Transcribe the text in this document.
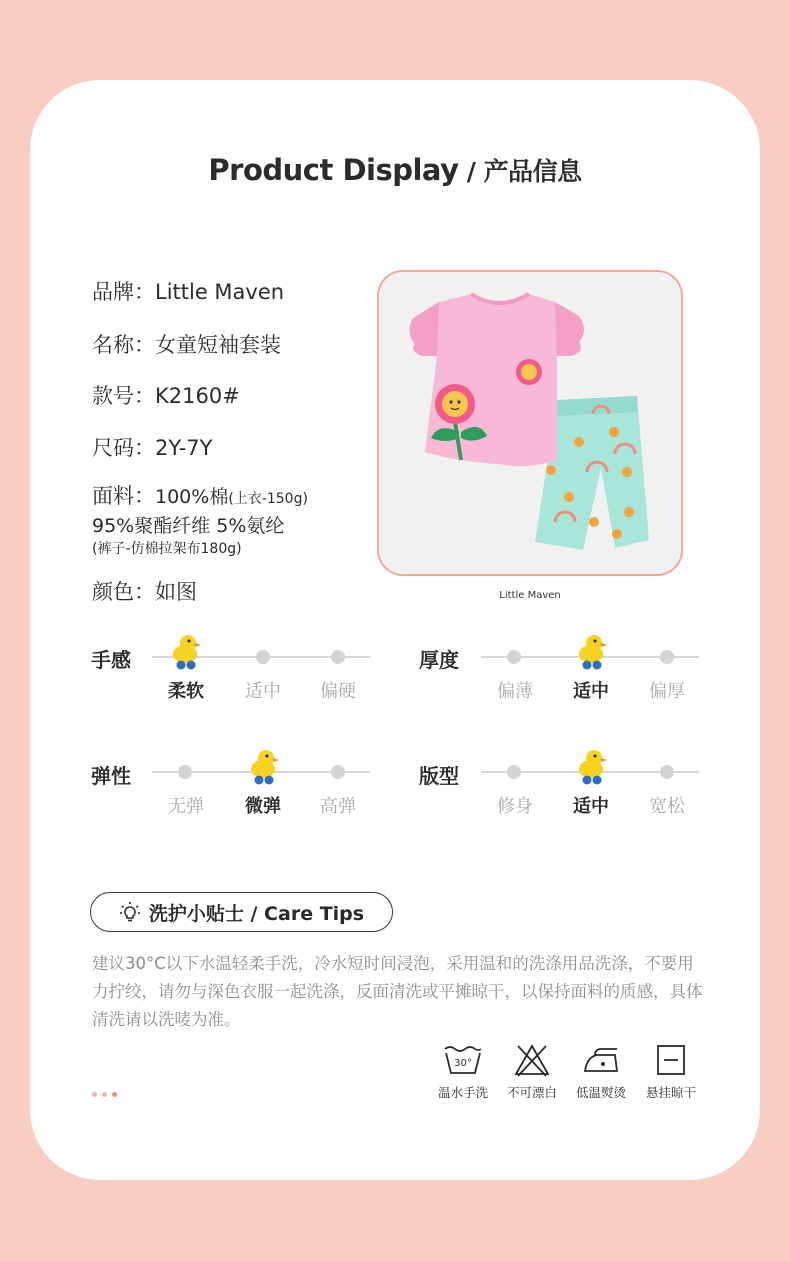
Product Display / 产品信息
品牌：Little Maven
名称：女童短袖套装
款号：K2160#
尺码：2Y-7Y
面料：100%棉(上衣-150g)
95%聚酯纤维 5%氨纶
(裤子-仿棉拉架布180g)
颜色：如图	Little Maven
手感
柔软	适中	偏硬
厚度
偏薄	适中	偏厚
弹性
无弹	微弹	高弹
版型
修身	适中	宽松
洗护小贴士 / Care Tips
建议30°C以下水温轻柔手洗，冷水短时间浸泡，采用温和的洗涤用品洗涤，不要用力拧绞，请勿与深色衣服一起洗涤，反面清洗或平摊晾干，以保持面料的质感，具体清洗请以洗唛为准。
30°
温水手洗	不可漂白	低温熨烫	悬挂晾干
